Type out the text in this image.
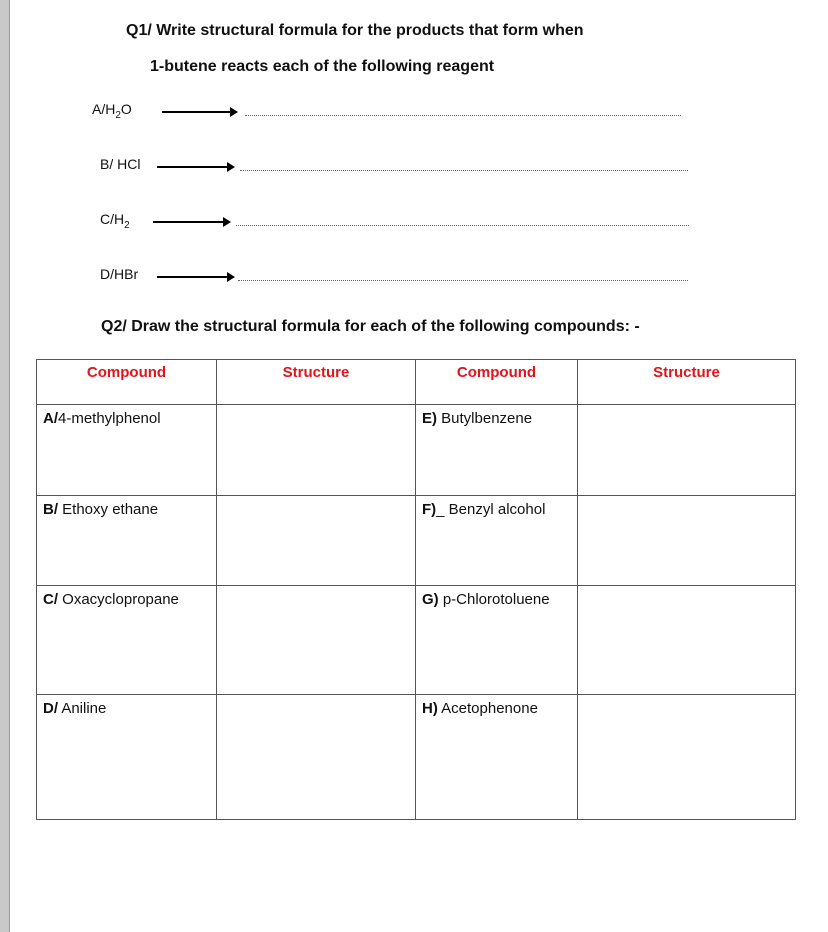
Q1/ Write structural formula for the products that form when
1-butene reacts each of the following reagent
$A/H_2O$
B/ HCl
$C/H_2$
D/HBr
Q2/ Draw the structural formula for each of the following compounds: -
Compound	Structure	Compound	Structure
A/4-methylphenol		E) Butylbenzene	
B/ Ethoxy ethane		F)_ Benzyl alcohol	
C/ Oxacyclopropane		G) p-Chlorotoluene	
D/ Aniline		H) Acetophenone	
